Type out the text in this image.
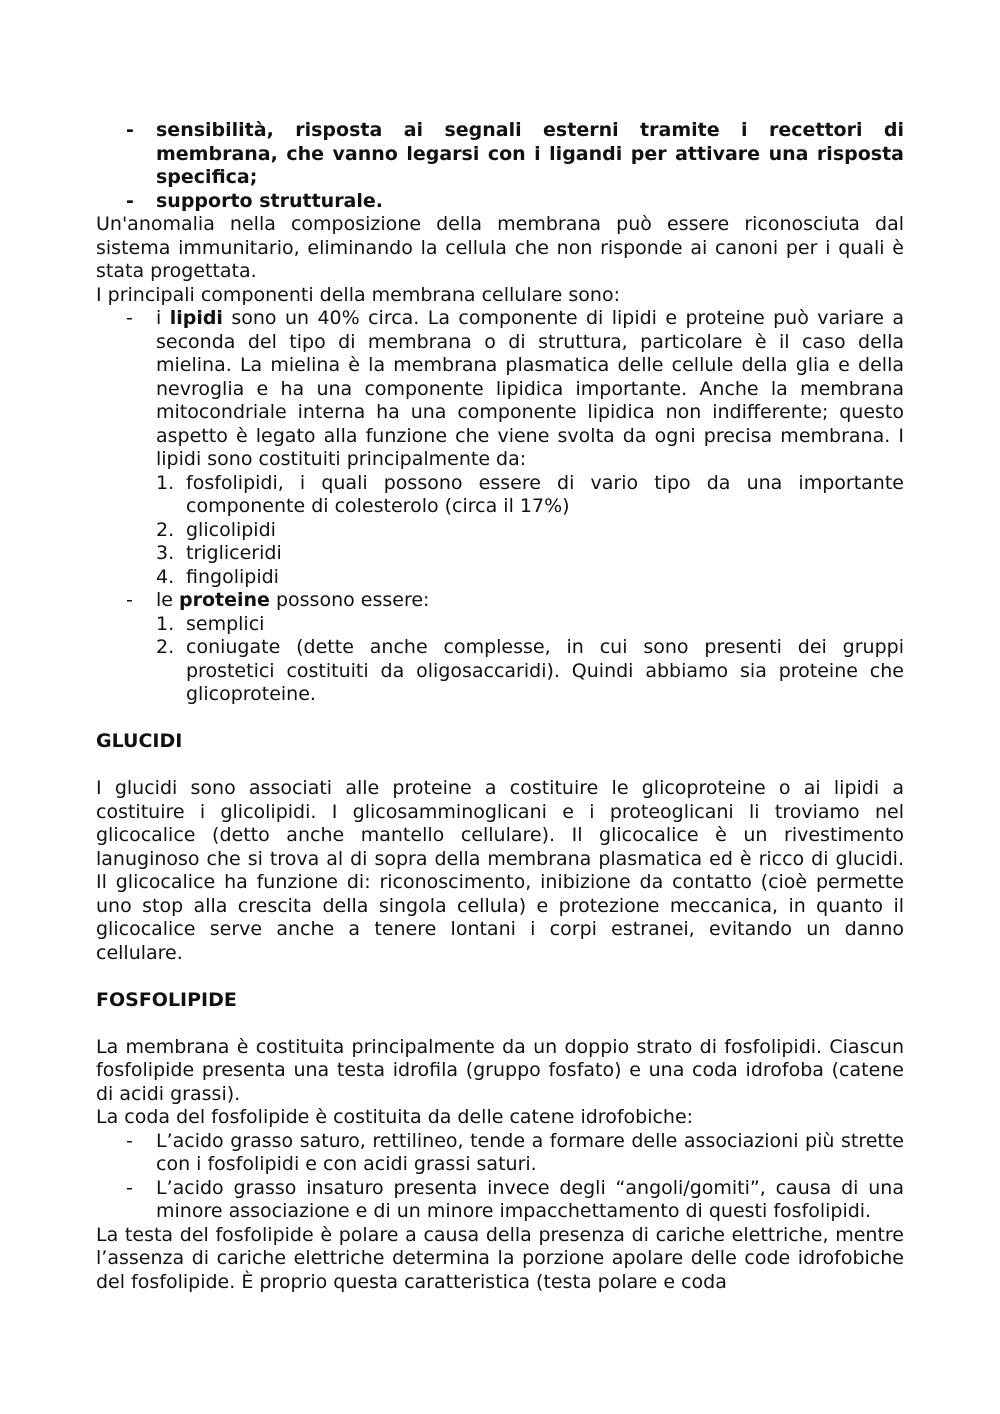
- sensibilità, risposta ai segnali esterni tramite i recettori di membrana, che vanno legarsi con i ligandi per attivare una risposta specifica;
- supporto strutturale.

Un'anomalia nella composizione della membrana può essere riconosciuta dal sistema immunitario, eliminando la cellula che non risponde ai canoni per i quali è stata progettata.

I principali componenti della membrana cellulare sono:

- i lipidi sono un 40% circa. La componente di lipidi e proteine può variare a seconda del tipo di membrana o di struttura, particolare è il caso della mielina. La mielina è la membrana plasmatica delle cellule della glia e della nevroglia e ha una componente lipidica importante. Anche la membrana mitocondriale interna ha una componente lipidica non indifferente; questo aspetto è legato alla funzione che viene svolta da ogni precisa membrana. I lipidi sono costituiti principalmente da:
1. fosfolipidi, i quali possono essere di vario tipo da una importante componente di colesterolo (circa il 17%)
2. glicolipidi
3. trigliceridi
4. fingolipidi
- le proteine possono essere:
1. semplici
2. coniugate (dette anche complesse, in cui sono presenti dei gruppi prostetici costituiti da oligosaccaridi). Quindi abbiamo sia proteine che glicoproteine.

GLUCIDI

I glucidi sono associati alle proteine a costituire le glicoproteine o ai lipidi a costituire i glicolipidi. I glicosamminoglicani e i proteoglicani li troviamo nel glicocalice (detto anche mantello cellulare). Il glicocalice è un rivestimento lanuginoso che si trova al di sopra della membrana plasmatica ed è ricco di glucidi. Il glicocalice ha funzione di: riconoscimento, inibizione da contatto (cioè permette uno stop alla crescita della singola cellula) e protezione meccanica, in quanto il glicocalice serve anche a tenere lontani i corpi estranei, evitando un danno cellulare.

FOSFOLIPIDE

La membrana è costituita principalmente da un doppio strato di fosfolipidi. Ciascun fosfolipide presenta una testa idrofila (gruppo fosfato) e una coda idrofoba (catene di acidi grassi).

La coda del fosfolipide è costituita da delle catene idrofobiche:

- L’acido grasso saturo, rettilineo, tende a formare delle associazioni più strette con i fosfolipidi e con acidi grassi saturi.
- L’acido grasso insaturo presenta invece degli “angoli/gomiti”, causa di una minore associazione e di un minore impacchettamento di questi fosfolipidi.

La testa del fosfolipide è polare a causa della presenza di cariche elettriche, mentre l’assenza di cariche elettriche determina la porzione apolare delle code idrofobiche del fosfolipide. È proprio questa caratteristica (testa polare e coda
